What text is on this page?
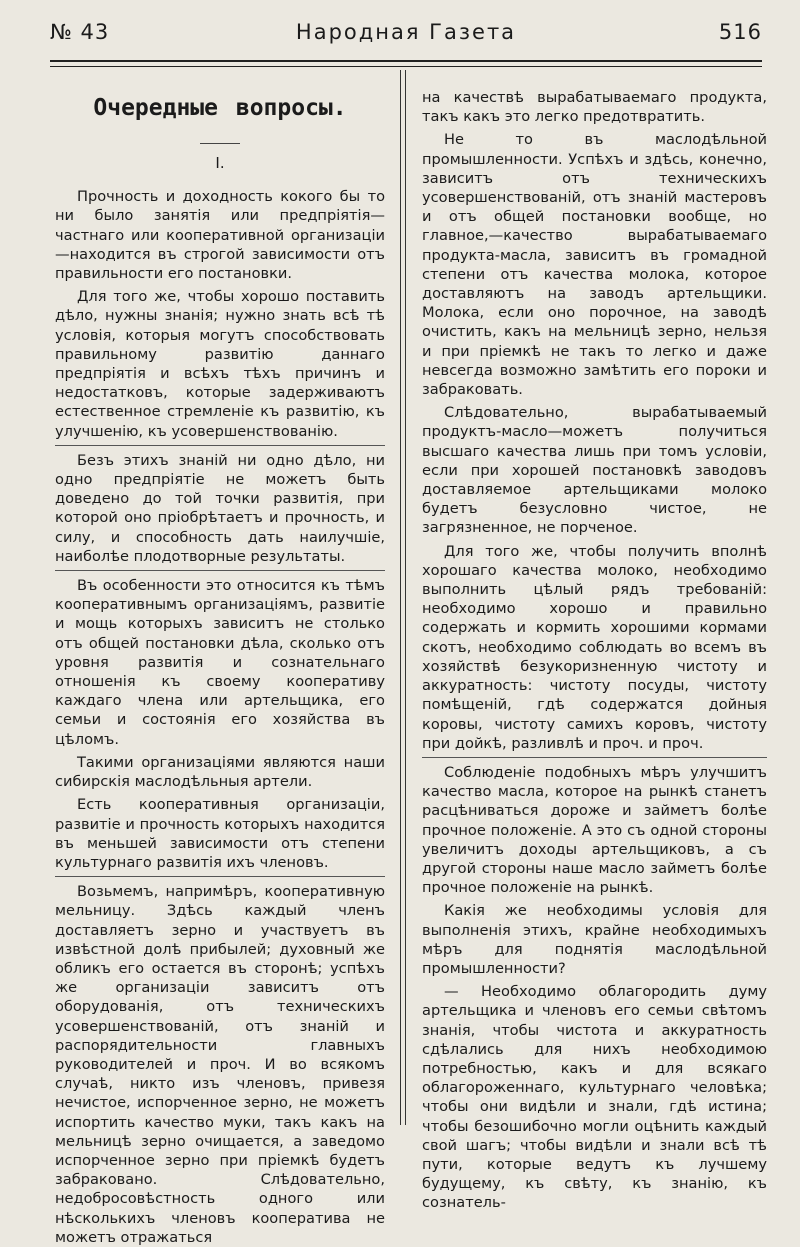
№ 43	Народная Газета	516
Очередные вопросы.
I.

Прочность и доходность кокого бы то ни было занятія или предпріятія—частнаго или кооперативной организаціи—находится въ строгой зависимости отъ правильности его постановки.

Для того же, чтобы хорошо поставить дѣло, нужны знанія; нужно знать всѣ тѣ условія, которыя могутъ способствовать правильному развитію даннаго предпріятія и всѣхъ тѣхъ причинъ и недостатковъ, которые задерживаютъ естественное стремленіе къ развитію, къ улучшенію, къ усовершенствованію.

Безъ этихъ знаній ни одно дѣло, ни одно предпріятіе не можетъ быть доведено до той точки развитія, при которой оно пріобрѣтаетъ и прочность, и силу, и способность дать наилучшіе, наиболѣе плодотворные результаты.

Въ особенности это относится къ тѣмъ кооперативнымъ организаціямъ, развитіе и мощь которыхъ зависитъ не столько отъ общей постановки дѣла, сколько отъ уровня развитія и сознательнаго отношенія къ своему кооперативу каждаго члена или артельщика, его семьи и состоянія его хозяйства въ цѣломъ.

Такими организаціями являются наши сибирскія маслодѣльныя артели.

Есть кооперативныя организаціи, развитіе и прочность которыхъ находится въ меньшей зависимости отъ степени культурнаго развитія ихъ членовъ.

Возьмемъ, напримѣръ, кооперативную мельницу. Здѣсь каждый членъ доставляетъ зерно и участвуетъ въ извѣстной долѣ прибылей; духовный же обликъ его остается въ сторонѣ; успѣхъ же организаціи зависитъ отъ оборудованія, отъ техническихъ усовершенствованій, отъ знаній и распорядительности главныхъ руководителей и проч. И во всякомъ случаѣ, никто изъ членовъ, привезя нечистое, испорченное зерно, не можетъ испортить качество муки, такъ какъ на мельницѣ зерно очищается, а заведомо испорченное зерно при пріемкѣ будетъ забраковано. Слѣдовательно, недобросовѣстность одного или нѣсколькихъ членовъ кооператива не можетъ отражаться

на качествѣ вырабатываемаго продукта, такъ какъ это легко предотвратить.

Не то въ маслодѣльной промышленности. Успѣхъ и здѣсь, конечно, зависитъ отъ техническихъ усовершенствованій, отъ знаній мастеровъ и отъ общей постановки вообще, но главное,—качество вырабатываемаго продукта-масла, зависитъ въ громадной степени отъ качества молока, которое доставляютъ на заводъ артельщики. Молока, если оно порочное, на заводѣ очистить, какъ на мельницѣ зерно, нельзя и при пріемкѣ не такъ то легко и даже невсегда возможно замѣтить его пороки и забраковать.

Слѣдовательно, вырабатываемый продуктъ-масло—можетъ получиться высшаго качества лишь при томъ условіи, если при хорошей постановкѣ заводовъ доставляемое артельщиками молоко будетъ безусловно чистое, не загрязненное, не порченое.

Для того же, чтобы получить вполнѣ хорошаго качества молоко, необходимо выполнить цѣлый рядъ требованій: необходимо хорошо и правильно содержать и кормить хорошими кормами скотъ, необходимо соблюдать во всемъ въ хозяйствѣ безукоризненную чистоту и аккуратность: чистоту посуды, чистоту помѣщеній, гдѣ содержатся дойныя коровы, чистоту самихъ коровъ, чистоту при дойкѣ, разливлѣ и проч. и проч.

Соблюденіе подобныхъ мѣръ улучшитъ качество масла, которое на рынкѣ станетъ расцѣниваться дороже и займетъ болѣе прочное положеніе. А это съ одной стороны увеличитъ доходы артельщиковъ, а съ другой стороны наше масло займетъ болѣе прочное положеніе на рынкѣ.

Какія же необходимы условія для выполненія этихъ, крайне необходимыхъ мѣръ для поднятія маслодѣльной промышленности?

— Необходимо облагородить думу артельщика и членовъ его семьи свѣтомъ знанія, чтобы чистота и аккуратность сдѣлались для нихъ необходимою потребностью, какъ и для всякаго облагороженнаго, культурнаго человѣка; чтобы они видѣли и знали, гдѣ истина; чтобы безошибочно могли оцѣнить каждый свой шагъ; чтобы видѣли и знали всѣ тѣ пути, которые ведутъ къ лучшему будущему, къ свѣту, къ знанію, къ сознатель-
